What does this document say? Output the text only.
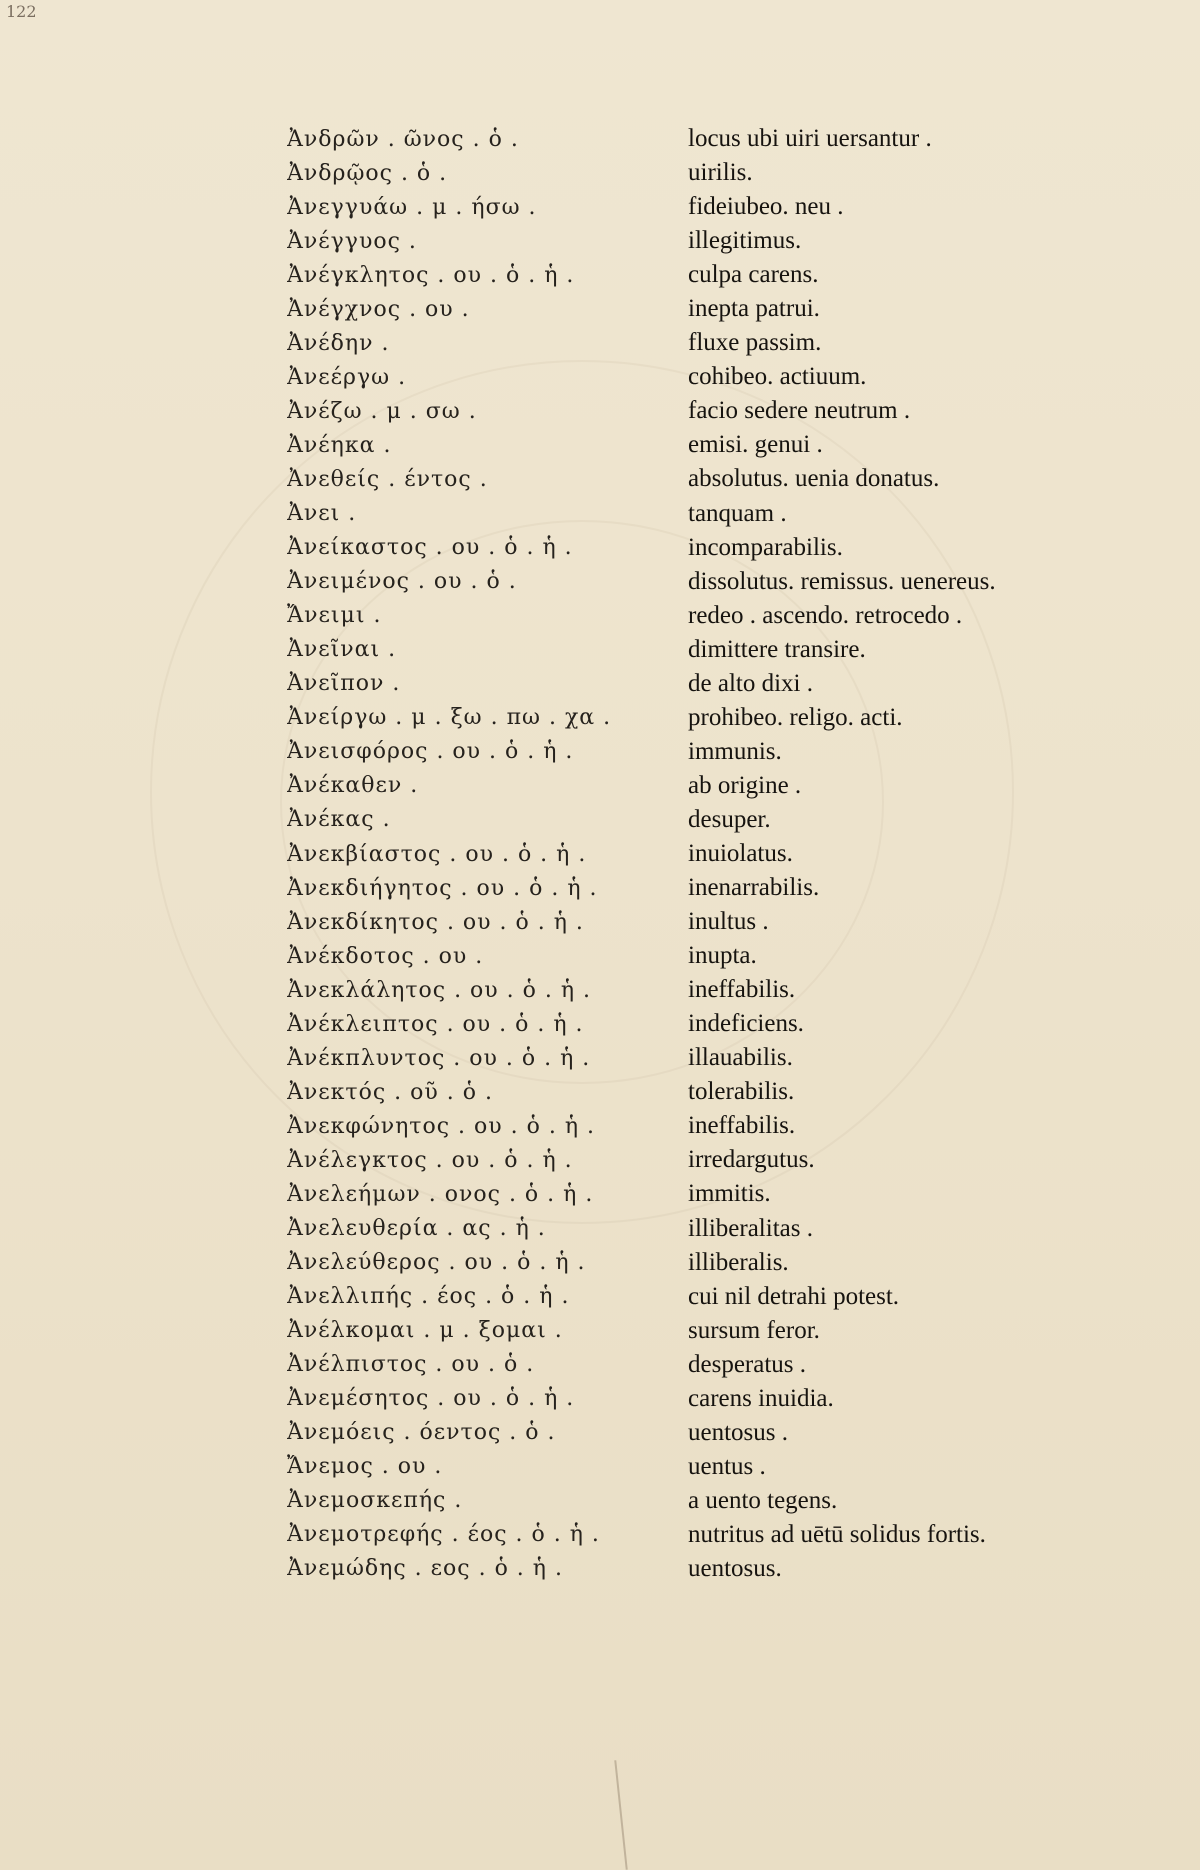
122
Ἀνδρῶν . ῶνος . ὁ .	locus ubi uiri uersantur .
Ἀνδρῷος . ὁ .	uirilis.
Ἀνεγγυάω . μ . ήσω .	fideiubeo. neu .
Ἀνέγγυος .	illegitimus.
Ἀνέγκλητος . ου . ὁ . ἡ .	culpa carens.
Ἀνέγχνος . ου .	inepta patrui.
Ἀνέδην .	fluxe passim.
Ἀνεέργω .	cohibeo. actiuum.
Ἀνέζω . μ . σω .	facio sedere neutrum .
Ἀνέηκα .	emisi. genui .
Ἀνεθείς . έντος .	absolutus. uenia donatus.
Ἀνει .	tanquam .
Ἀνείκαστος . ου . ὁ . ἡ .	incomparabilis.
Ἀνειμένος . ου . ὁ .	dissolutus. remissus. uenereus.
Ἄνειμι .	redeo . ascendo. retrocedo .
Ἀνεῖναι .	dimittere transire.
Ἀνεῖπον .	de alto dixi .
Ἀνείργω . μ . ξω . πω . χα .	prohibeo. religo. acti.
Ἀνεισφόρος . ου . ὁ . ἡ .	immunis.
Ἀνέκαθεν .	ab origine .
Ἀνέκας .	desuper.
Ἀνεκβίαστος . ου . ὁ . ἡ .	inuiolatus.
Ἀνεκδιήγητος . ου . ὁ . ἡ .	inenarrabilis.
Ἀνεκδίκητος . ου . ὁ . ἡ .	inultus .
Ἀνέκδοτος . ου .	inupta.
Ἀνεκλάλητος . ου . ὁ . ἡ .	ineffabilis.
Ἀνέκλειπτος . ου . ὁ . ἡ .	indeficiens.
Ἀνέκπλυντος . ου . ὁ . ἡ .	illauabilis.
Ἀνεκτός . οῦ . ὁ .	tolerabilis.
Ἀνεκφώνητος . ου . ὁ . ἡ .	ineffabilis.
Ἀνέλεγκτος . ου . ὁ . ἡ .	irredargutus.
Ἀνελεήμων . ονος . ὁ . ἡ .	immitis.
Ἀνελευθερία . ας . ἡ .	illiberalitas .
Ἀνελεύθερος . ου . ὁ . ἡ .	illiberalis.
Ἀνελλιπής . έος . ὁ . ἡ .	cui nil detrahi potest.
Ἀνέλκομαι . μ . ξομαι .	sursum feror.
Ἀνέλπιστος . ου . ὁ .	desperatus .
Ἀνεμέσητος . ου . ὁ . ἡ .	carens inuidia.
Ἀνεμόεις . όεντος . ὁ .	uentosus .
Ἄνεμος . ου .	uentus .
Ἀνεμοσκεπής .	a uento tegens.
Ἀνεμοτρεφής . έος . ὁ . ἡ .	nutritus ad uētū solidus fortis.
Ἀνεμώδης . εος . ὁ . ἡ .	uentosus.
